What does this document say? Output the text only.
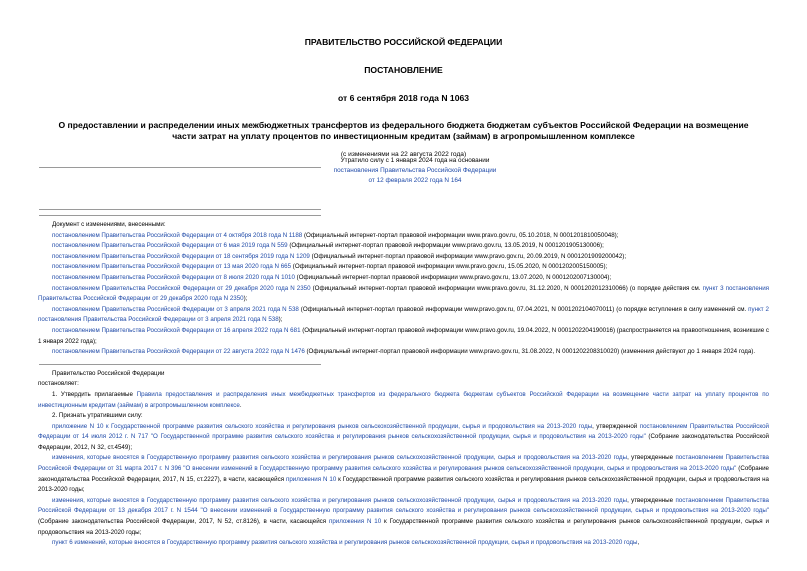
ПРАВИТЕЛЬСТВО РОССИЙСКОЙ ФЕДЕРАЦИИ
ПОСТАНОВЛЕНИЕ
от 6 сентября 2018 года N 1063
О предоставлении и распределении иных межбюджетных трансфертов из федерального бюджета бюджетам субъектов Российской Федерации на возмещение части затрат на уплату процентов по инвестиционным кредитам (займам) в агропромышленном комплексе
(с изменениями на 22 августа 2022 года)
Утратило силу с 1 января 2024 года на основании
постановления Правительства Российской Федерации
от 12 февраля 2022 года N 164
Документ с изменениями, внесенными:
постановлением Правительства Российской Федерации от 4 октября 2018 года N 1188 (Официальный интернет-портал правовой информации www.pravo.gov.ru, 05.10.2018, N 0001201810050048);
постановлением Правительства Российской Федерации от 6 мая 2019 года N 559 (Официальный интернет-портал правовой информации www.pravo.gov.ru, 13.05.2019, N 0001201905130006);
постановлением Правительства Российской Федерации от 18 сентября 2019 года N 1209 (Официальный интернет-портал правовой информации www.pravo.gov.ru, 20.09.2019, N 0001201909200042);
постановлением Правительства Российской Федерации от 13 мая 2020 года N 665 (Официальный интернет-портал правовой информации www.pravo.gov.ru, 15.05.2020, N 0001202005150005);
постановлением Правительства Российской Федерации от 8 июля 2020 года N 1010 (Официальный интернет-портал правовой информации www.pravo.gov.ru, 13.07.2020, N 0001202007130004);
постановлением Правительства Российской Федерации от 29 декабря 2020 года N 2350 (Официальный интернет-портал правовой информации www.pravo.gov.ru, 31.12.2020, N 0001202012310066) (о порядке действия см. пункт 3 постановления Правительства Российской Федерации от 29 декабря 2020 года N 2350);
постановлением Правительства Российской Федерации от 3 апреля 2021 года N 538 (Официальный интернет-портал правовой информации www.pravo.gov.ru, 07.04.2021, N 0001202104070011) (о порядке вступления в силу изменений см. пункт 2 постановления Правительства Российской Федерации от 3 апреля 2021 года N 538);
постановлением Правительства Российской Федерации от 16 апреля 2022 года N 681 (Официальный интернет-портал правовой информации www.pravo.gov.ru, 19.04.2022, N 0001202204190016) (распространяется на правоотношения, возникшие с 1 января 2022 года);
постановлением Правительства Российской Федерации от 22 августа 2022 года N 1476 (Официальный интернет-портал правовой информации www.pravo.gov.ru, 31.08.2022, N 0001202208310020) (изменения действуют до 1 января 2024 года).
Правительство Российской Федерации
постановляет:
1. Утвердить прилагаемые Правила предоставления и распределения иных межбюджетных трансфертов из федерального бюджета бюджетам субъектов Российской Федерации на возмещение части затрат на уплату процентов по инвестиционным кредитам (займам) в агропромышленном комплексе.
2. Признать утратившими силу:
приложение N 10 к Государственной программе развития сельского хозяйства и регулирования рынков сельскохозяйственной продукции, сырья и продовольствия на 2013-2020 годы, утвержденной постановлением Правительства Российской Федерации от 14 июля 2012 г. N 717 "О Государственной программе развития сельского хозяйства и регулирования рынков сельскохозяйственной продукции, сырья и продовольствия на 2013-2020 годы" (Собрание законодательства Российской Федерации, 2012, N 32, ст.4549);
изменения, которые вносятся в Государственную программу развития сельского хозяйства и регулирования рынков сельскохозяйственной продукции, сырья и продовольствия на 2013-2020 годы, утвержденные постановлением Правительства Российской Федерации от 31 марта 2017 г. N 396 "О внесении изменений в Государственную программу развития сельского хозяйства и регулирования рынков сельскохозяйственной продукции, сырья и продовольствия на 2013-2020 годы" (Собрание законодательства Российской Федерации, 2017, N 15, ст.2227), в части, касающейся приложения N 10 к Государственной программе развития сельского хозяйства и регулирования рынков сельскохозяйственной продукции, сырья и продовольствия на 2013-2020 годы;
изменения, которые вносятся в Государственную программу развития сельского хозяйства и регулирования рынков сельскохозяйственной продукции, сырья и продовольствия на 2013-2020 годы, утвержденные постановлением Правительства Российской Федерации от 13 декабря 2017 г. N 1544 "О внесении изменений в Государственную программу развития сельского хозяйства и регулирования рынков сельскохозяйственной продукции, сырья и продовольствия на 2013-2020 годы" (Собрание законодательства Российской Федерации, 2017, N 52, ст.8126), в части, касающейся приложения N 10 к Государственной программе развития сельского хозяйства и регулирования рынков сельскохозяйственной продукции, сырья и продовольствия на 2013-2020 годы;
пункт 6 изменений, которые вносятся в Государственную программу развития сельского хозяйства и регулирования рынков сельскохозяйственной продукции, сырья и продовольствия на 2013-2020 годы,
